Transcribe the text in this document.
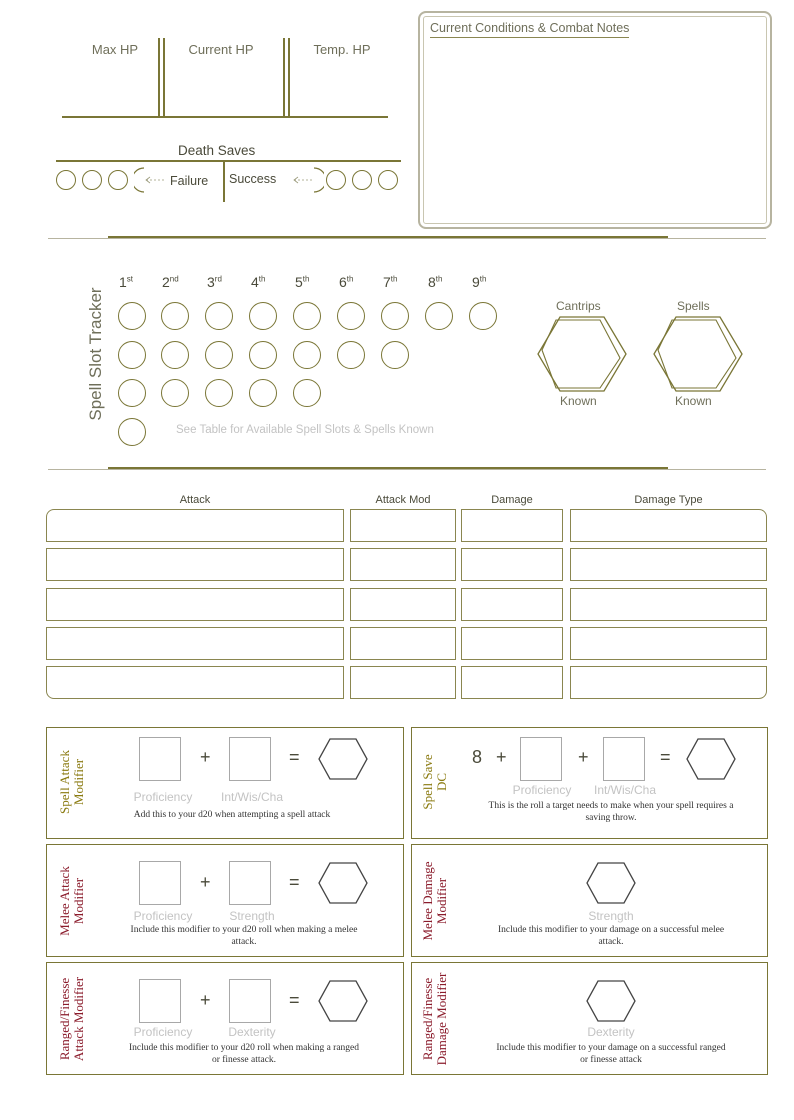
Max HP	Current HP	Temp. HP
Death Saves
Failure Success
Current Conditions & Combat Notes
Spell Slot Tracker
1st 2nd 3rd 4th 5th 6th 7th 8th 9th
See Table for Available Spell Slots & Spells Known
Cantrips
Known
Spells
Known
Attack	Attack Mod	Damage	Damage Type
Spell Attack Modifier
+	=
Proficiency	Int/Wis/Cha
Add this to your d20 when attempting a spell attack
Spell Save DC
8 +	+	=
Proficiency	Int/Wis/Cha
This is the roll a target needs to make when your spell requires a saving throw.
Melee Attack Modifier	+	=
Proficiency	Strength
Include this modifier to your d20 roll when making a melee attack.
Melee Damage Modifier	Strength
Include this modifier to your damage on a successful melee attack.
Ranged/Finesse Attack Modifier	+	=
Proficiency	Dexterity
Include this modifier to your d20 roll when making a ranged or finesse attack.	Ranged/Finesse Damage Modifier	Dexterity
Include this modifier to your damage on a successful ranged or finesse attack
